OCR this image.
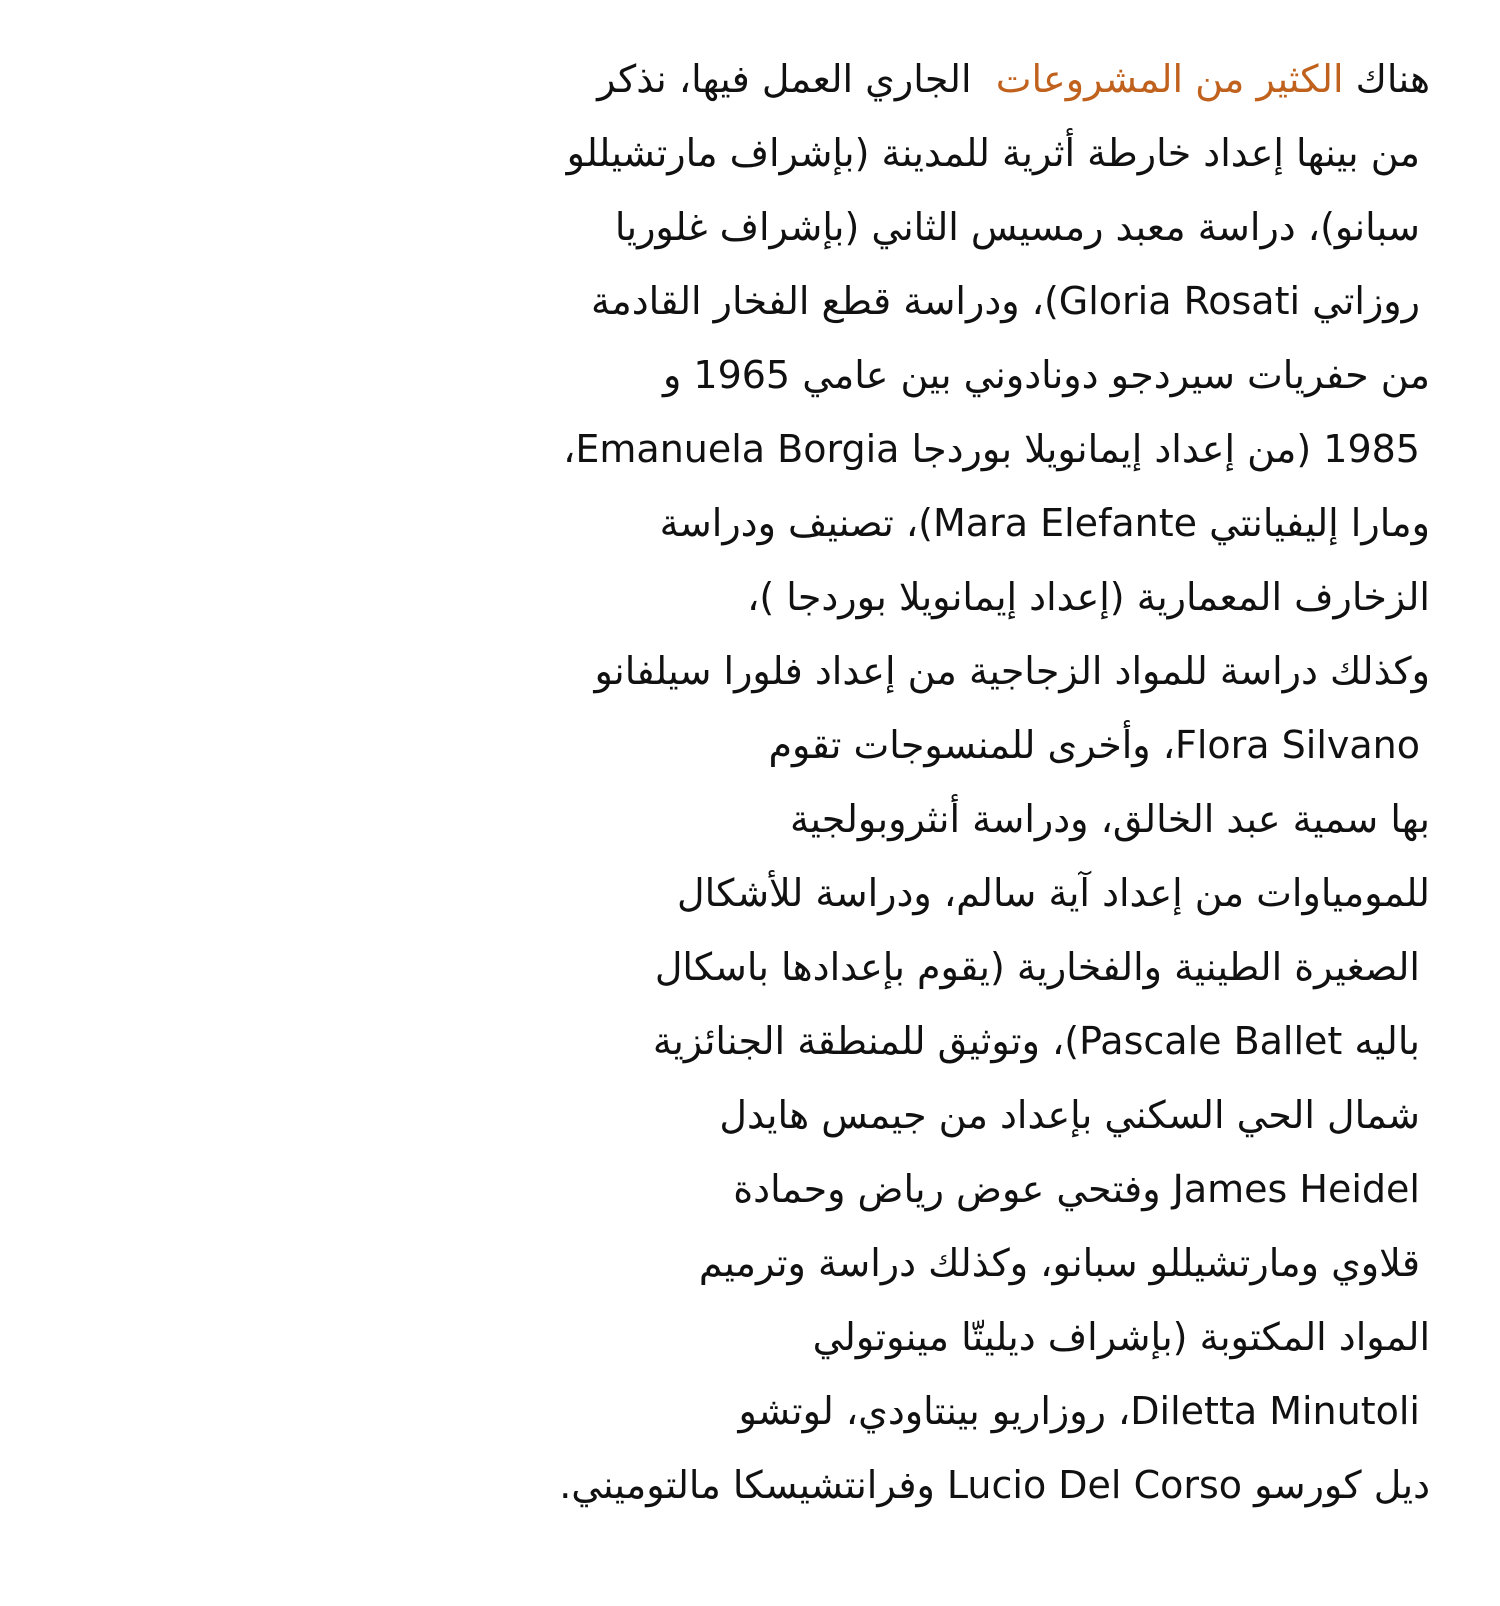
هناك الكثير من المشروعات  الجاري العمل فيها، نذكر
من بينها إعداد خارطة أثرية للمدينة (بإشراف مارتشيللو
سبانو)، دراسة معبد رمسيس الثاني (بإشراف غلوريا
روزاتي Gloria Rosati)، ودراسة قطع الفخار القادمة
من حفريات سيردجو دونادوني بين عامي 1965 و
1985 (من إعداد إيمانويلا بوردجا Emanuela Borgia،
ومارا إليفيانتي Mara Elefante)، تصنيف ودراسة
الزخارف المعمارية (إعداد إيمانويلا بوردجا )،
وكذلك دراسة للمواد الزجاجية من إعداد فلورا سيلفانو
Flora Silvano، وأخرى للمنسوجات تقوم
بها سمية عبد الخالق، ودراسة أنثروبولجية
للمومياوات من إعداد آية سالم، ودراسة للأشكال
الصغيرة الطينية والفخارية (يقوم بإعدادها باسكال
باليه Pascale Ballet)، وتوثيق للمنطقة الجنائزية
شمال الحي السكني بإعداد من جيمس هايدل
James Heidel وفتحي عوض رياض وحمادة
قلاوي ومارتشيللو سبانو، وكذلك دراسة وترميم
المواد المكتوبة (بإشراف ديليتّا مينوتولي
Diletta Minutoli، روزاريو بينتاودي، لوتشو
ديل كورسو Lucio Del Corso وفرانتشيسكا مالتوميني.
